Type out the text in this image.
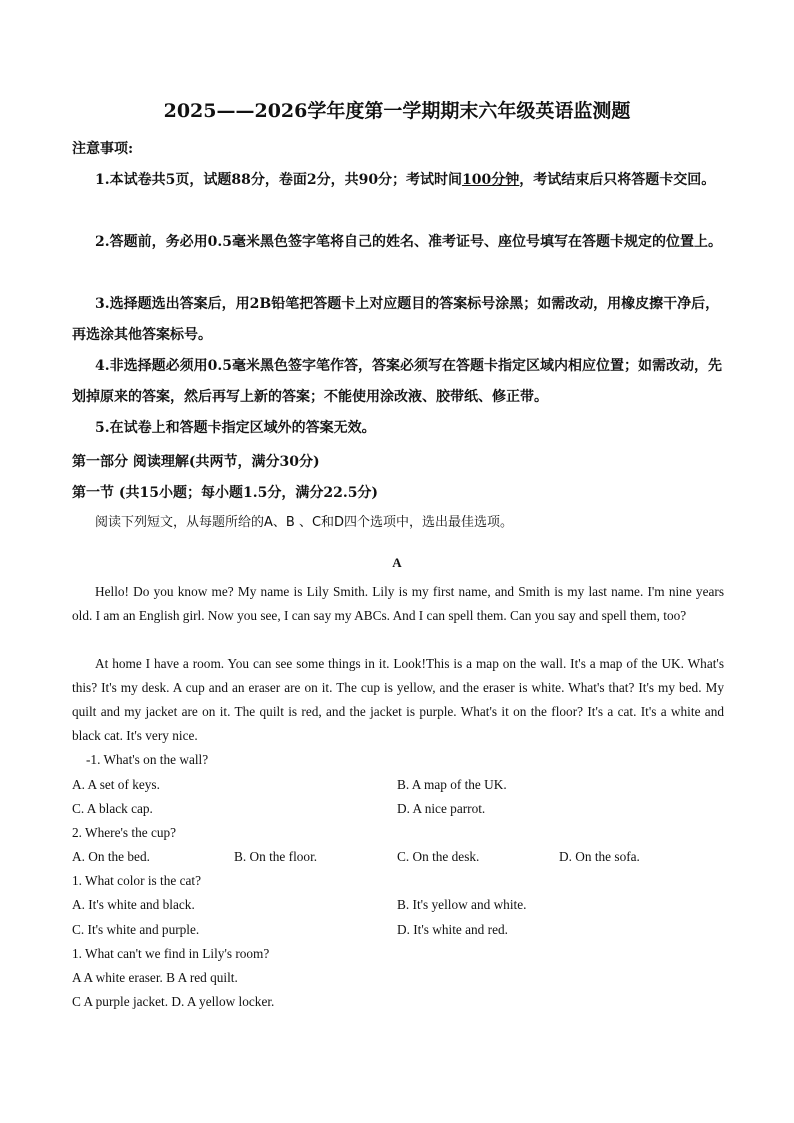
2025——2026学年度第一学期期末六年级英语监测题
注意事项:
1.本试卷共5页，试题88分，卷面2分，共90分；考试时间100分钟，考试结束后只将答题卡交回。
2.答题前，务必用0.5毫米黑色签字笔将自己的姓名、准考证号、座位号填写在答题卡规定的位置上。
3.选择题选出答案后，用2B铅笔把答题卡上对应题目的答案标号涂黑；如需改动，用橡皮擦干净后，再选涂其他答案标号。
4.非选择题必须用0.5毫米黑色签字笔作答，答案必须写在答题卡指定区域内相应位置；如需改动，先划掉原来的答案，然后再写上新的答案；不能使用涂改液、胶带纸、修正带。
5.在试卷上和答题卡指定区域外的答案无效。
第一部分 阅读理解(共两节，满分30分)
第一节 (共15小题；每小题1.5分，满分22.5分)
阅读下列短文，从每题所给的A、B 、C和D四个选项中，选出最佳选项。
A
Hello! Do you know me? My name is Lily Smith. Lily is my first name, and Smith is my last name. I'm nine years old. I am an English girl. Now you see, I can say my ABCs. And I can spell them. Can you say and spell them, too?
At home I have a room. You can see some things in it. Look!This is a map on the wall. It's a map of the UK. What's this? It's my desk. A cup and an eraser are on it. The cup is yellow, and the eraser is white. What's that? It's my bed. My quilt and my jacket are on it. The quilt is red, and the jacket is purple. What's it on the floor? It's a cat. It's a white and black cat. It's very nice.
-1. What's on the wall?
A. A set of keys.	B. A map of the UK.
C. A black cap.	D. A nice parrot.
2. Where's the cup?
A. On the bed.	B. On the floor.	C. On the desk.	D. On the sofa.
1. What color is the cat?
A. It's white and black.	B. It's yellow and white.
C. It's white and purple.	D. It's white and red.
1. What can't we find in Lily's room?
A A white eraser. B A red quilt.
C A purple jacket. D. A yellow locker.
